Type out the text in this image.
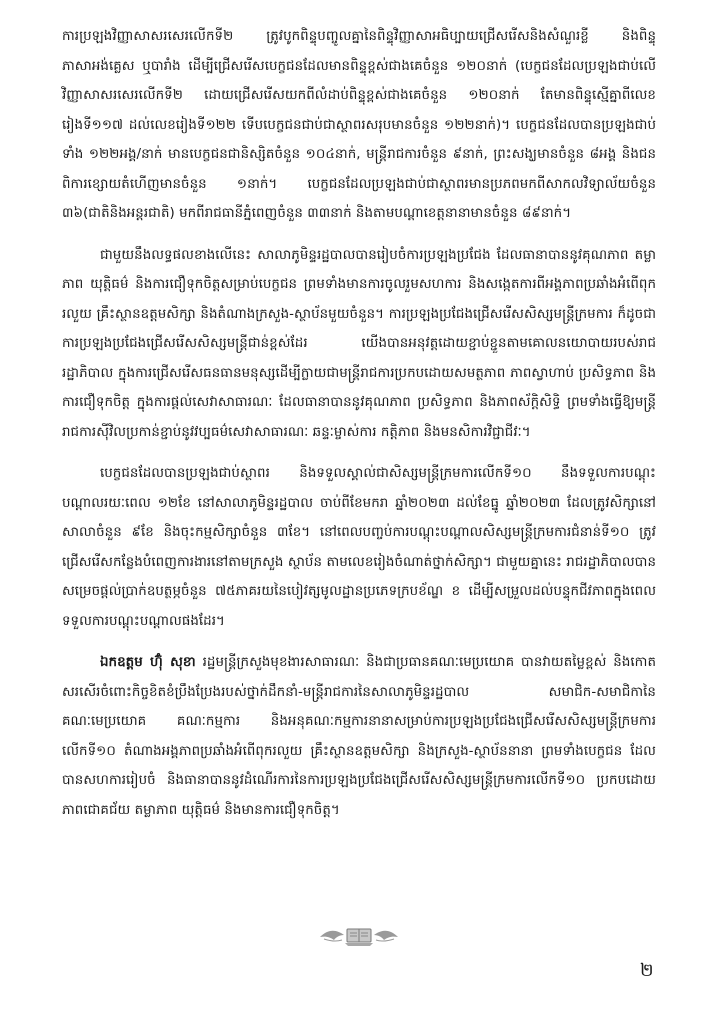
ការប្រឡងវិញ្ញាសាសរសេរលើកទី២ ត្រូវបូកពិន្ទុបញ្ចូលគ្នានៃពិន្ទុវិញ្ញាសាអធិប្បាយជ្រើសរើសនិងសំណួរខ្លី និងពិន្ទុភាសាអង់គ្លេស ឬបារាំង ដើម្បីជ្រើសរើសបេក្ខជនដែលមានពិន្ទុខ្ពស់ជាងគេចំនួន ១២០នាក់ (បេក្ខជនដែលប្រឡងជាប់លើវិញ្ញាសាសរសេរលើកទី២ ដោយជ្រើសរើសយកពីលំដាប់ពិន្ទុខ្ពស់ជាងគេចំនួន ១២០នាក់ តែមានពិន្ទុស្មើគ្នាពីលេខរៀងទី១១៧ ដល់លេខរៀងទី១២២ ទើបបេក្ខជនជាប់ជាស្ថាពរសរុបមានចំនួន ១២២នាក់)។ បេក្ខជនដែលបានប្រឡងជាប់ទាំង ១២២អង្គ/នាក់ មានបេក្ខជនជានិស្សិតចំនួន ១០៤នាក់, មន្ត្រីរាជការចំនួន ៩នាក់, ព្រះសង្ឃមានចំនួន ៨អង្គ និងជនពិការខ្សោយតំហើញមានចំនួន ១នាក់។ បេក្ខជនដែលប្រឡងជាប់ជាស្ថាពរមានប្រភពមកពីសាកលវិទ្យាល័យចំនួន ៣៦(ជាតិនិងអន្តរជាតិ) មកពីរាជធានីភ្នំពេញចំនួន ៣៣នាក់ និងតាមបណ្តាខេត្តនានាមានចំនួន ៨៩នាក់។

ជាមួយនឹងលទ្ធផលខាងលើនេះ សាលាភូមិន្ទរដ្ឋបាលបានរៀបចំការប្រឡងប្រជែង ដែលធានាបាននូវគុណភាព តម្លាភាព យុត្តិធម៌ និងការជឿទុកចិត្តសម្រាប់បេក្ខជន ព្រមទាំងមានការចូលរួមសហការ និងសង្កេតការពីអង្គភាពប្រឆាំងអំពើពុករលួយ គ្រឹះស្ថានឧត្តមសិក្សា និងតំណាងក្រសួង-ស្ថាប័នមួយចំនួន។ ការប្រឡងប្រជែងជ្រើសរើសសិស្សមន្ត្រីក្រមការ ក៏ដូចជាការប្រឡងប្រជែងជ្រើសរើសសិស្សមន្ត្រីជាន់ខ្ពស់ដែរ យើងបានអនុវត្តដោយខ្ជាប់ខ្ជួនតាមគោលនយោបាយរបស់រាជរដ្ឋាភិបាល ក្នុងការជ្រើសរើសធនធានមនុស្សដើម្បីក្លាយជាមន្ត្រីរាជការប្រកបដោយសមត្ថភាព ភាពស្វាហាប់ ប្រសិទ្ធភាព និងការជឿទុកចិត្ត ក្នុងការផ្តល់សេវាសាធារណៈ ដែលធានាបាននូវគុណភាព ប្រសិទ្ធភាព និងភាពស័ក្តិសិទ្ធិ ព្រមទាំងធ្វើឱ្យមន្ត្រីរាជការស៊ីវិលប្រកាន់ខ្ជាប់នូវវប្បធម៌សេវាសាធារណៈ ឆន្ទៈម្ចាស់ការ កត្តិភាព និងមនសិការវិជ្ជាជីវៈ។

បេក្ខជនដែលបានប្រឡងជាប់ស្ថាពរ និងទទួលស្គាល់ជាសិស្សមន្ត្រីក្រមការលើកទី១០ នឹងទទួលការបណ្តុះបណ្តាលរយៈពេល ១២ខែ នៅសាលាភូមិន្ទរដ្ឋបាល ចាប់ពីខែមករា ឆ្នាំ២០២៣ ដល់ខែធ្នូ ឆ្នាំ២០២៣ ដែលត្រូវសិក្សានៅសាលាចំនួន ៩ខែ និងចុះកម្មសិក្សាចំនួន ៣ខែ។ នៅពេលបញ្ចប់ការបណ្តុះបណ្តាលសិស្សមន្ត្រីក្រមការជំនាន់ទី១០ ត្រូវជ្រើសរើសកន្លែងបំពេញការងារនៅតាមក្រសួង ស្ថាប័ន តាមលេខរៀងចំណាត់ថ្នាក់សិក្សា។ ជាមួយគ្នានេះ រាជរដ្ឋាភិបាលបានសម្រេចផ្តល់ប្រាក់ឧបត្ថម្ភចំនួន ៧៥ភាគរយនៃបៀវត្សមូលដ្ឋានប្រភេទក្របខ័ណ្ឌ ខ ដើម្បីសម្រួលដល់បន្ទុកជីវភាពក្នុងពេលទទួលការបណ្តុះបណ្តាលផងដែរ។

ឯកឧត្តម ហ៊ុំ សុខា រដ្ឋមន្ត្រីក្រសួងមុខងារសាធារណៈ និងជាប្រធានគណៈមេប្រយោគ បានវាយតម្លៃខ្ពស់ និងកោតសរសើរចំពោះកិច្ចខិតខំប្រឹងប្រែងរបស់ថ្នាក់ដឹកនាំ-មន្ត្រីរាជការនៃសាលាភូមិន្ទរដ្ឋបាល សមាជិក-សមាជិកានៃគណៈមេប្រយោគ គណៈកម្មការ និងអនុគណៈកម្មការនានាសម្រាប់ការប្រឡងប្រជែងជ្រើសរើសសិស្សមន្ត្រីក្រមការលើកទី១០ តំណាងអង្គភាពប្រឆាំងអំពើពុករលួយ គ្រឹះស្ថានឧត្តមសិក្សា និងក្រសួង-ស្ថាប័ននានា ព្រមទាំងបេក្ខជន ដែលបានសហការរៀបចំ និងធានាបាននូវដំណើរការនៃការប្រឡងប្រជែងជ្រើសរើសសិស្សមន្ត្រីក្រមការលើកទី១០ ប្រកបដោយភាពជោគជ័យ តម្លាភាព យុត្តិធម៌ និងមានការជឿទុកចិត្ត។

២
